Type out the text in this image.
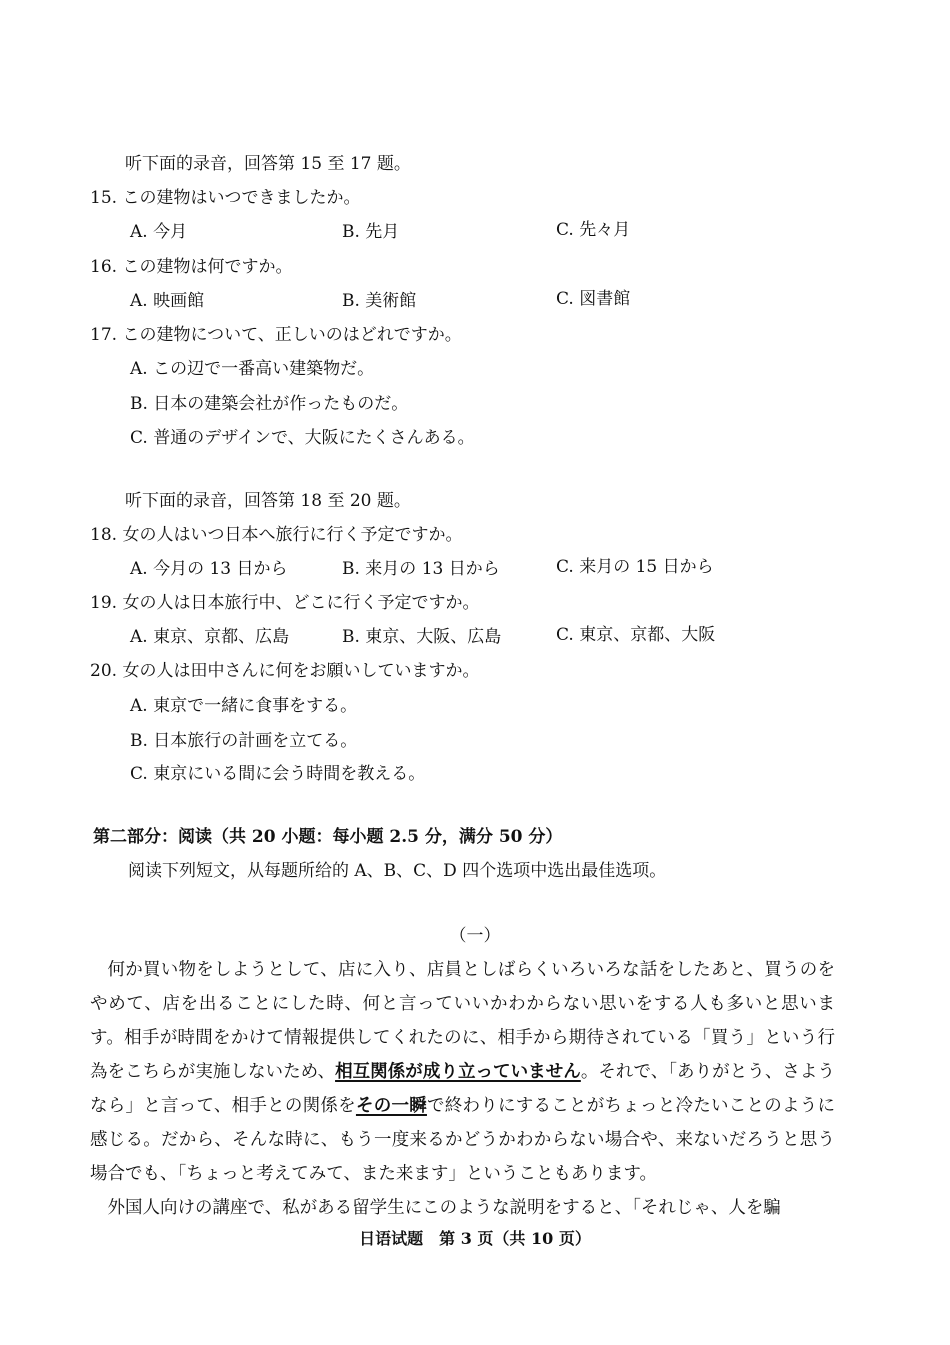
听下面的录音，回答第 15 至 17 题。
15. この建物はいつできましたか。
A. 今月	B. 先月	C. 先々月
16. この建物は何ですか。
A. 映画館	B. 美術館	C. 図書館
17. この建物について、正しいのはどれですか。
A. この辺で一番高い建築物だ。
B. 日本の建築会社が作ったものだ。
C. 普通のデザインで、大阪にたくさんある。
听下面的录音，回答第 18 至 20 题。
18. 女の人はいつ日本へ旅行に行く予定ですか。
A. 今月の 13 日から	B. 来月の 13 日から	C. 来月の 15 日から
19. 女の人は日本旅行中、どこに行く予定ですか。
A. 東京、京都、広島	B. 東京、大阪、広島	C. 東京、京都、大阪
20. 女の人は田中さんに何をお願いしていますか。
A. 東京で一緒に食事をする。
B. 日本旅行の計画を立てる。
C. 東京にいる間に会う時間を教える。
第二部分：阅读（共 20 小题：每小题 2.5 分，满分 50 分）
阅读下列短文，从每题所给的 A、B、C、D 四个选项中选出最佳选项。
（一）

何か買い物をしようとして、店に入り、店員としばらくいろいろな話をしたあと、買うのをやめて、店を出ることにした時、何と言っていいかわからない思いをする人も多いと思います。相手が時間をかけて情報提供してくれたのに、相手から期待されている「買う」という行為をこちらが実施しないため、相互関係が成り立っていません。それで、「ありがとう、さようなら」と言って、相手との関係をその一瞬で終わりにすることがちょっと冷たいことのように感じる。だから、そんな時に、もう一度来るかどうかわからない場合や、来ないだろうと思う場合でも、「ちょっと考えてみて、また来ます」ということもあります。

外国人向けの講座で、私がある留学生にこのような説明をすると、「それじゃ、人を騙

日语试题　第 3 页（共 10 页）
